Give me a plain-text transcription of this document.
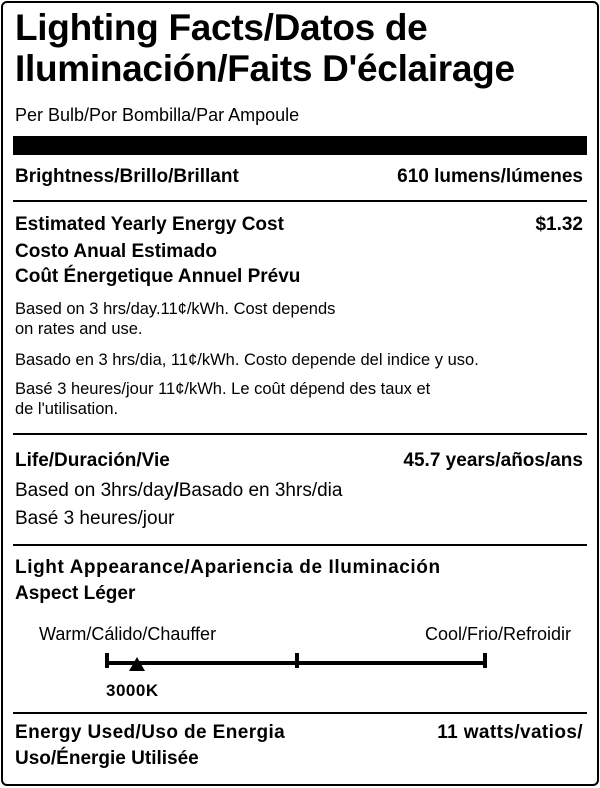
Lighting Facts/Datos de
Iluminación/Faits D'éclairage
Per Bulb/Por Bombilla/Par Ampoule
Brightness/Brillo/Brillant	610 lumens/lúmenes
Estimated Yearly Energy Cost	$1.32
Costo Anual Estimado
Coût Énergetique Annuel Prévu
Based on 3 hrs/day.11¢/kWh. Cost depends
on rates and use.
Basado en 3 hrs/dia, 11¢/kWh. Costo depende del indice y uso.
Basé 3 heures/jour 11¢/kWh. Le coût dépend des taux et
de l'utilisation.
Life/Duración/Vie	45.7 years/años/ans
Based on 3hrs/day/Basado en 3hrs/dia
Basé 3 heures/jour
Light Appearance/Apariencia de Iluminación
Aspect Léger
Warm/Cálido/Chauffer	Cool/Frio/Refroidir
3000K
Energy Used/Uso de Energia	11 watts/vatios/
Uso/Énergie Utilisée
